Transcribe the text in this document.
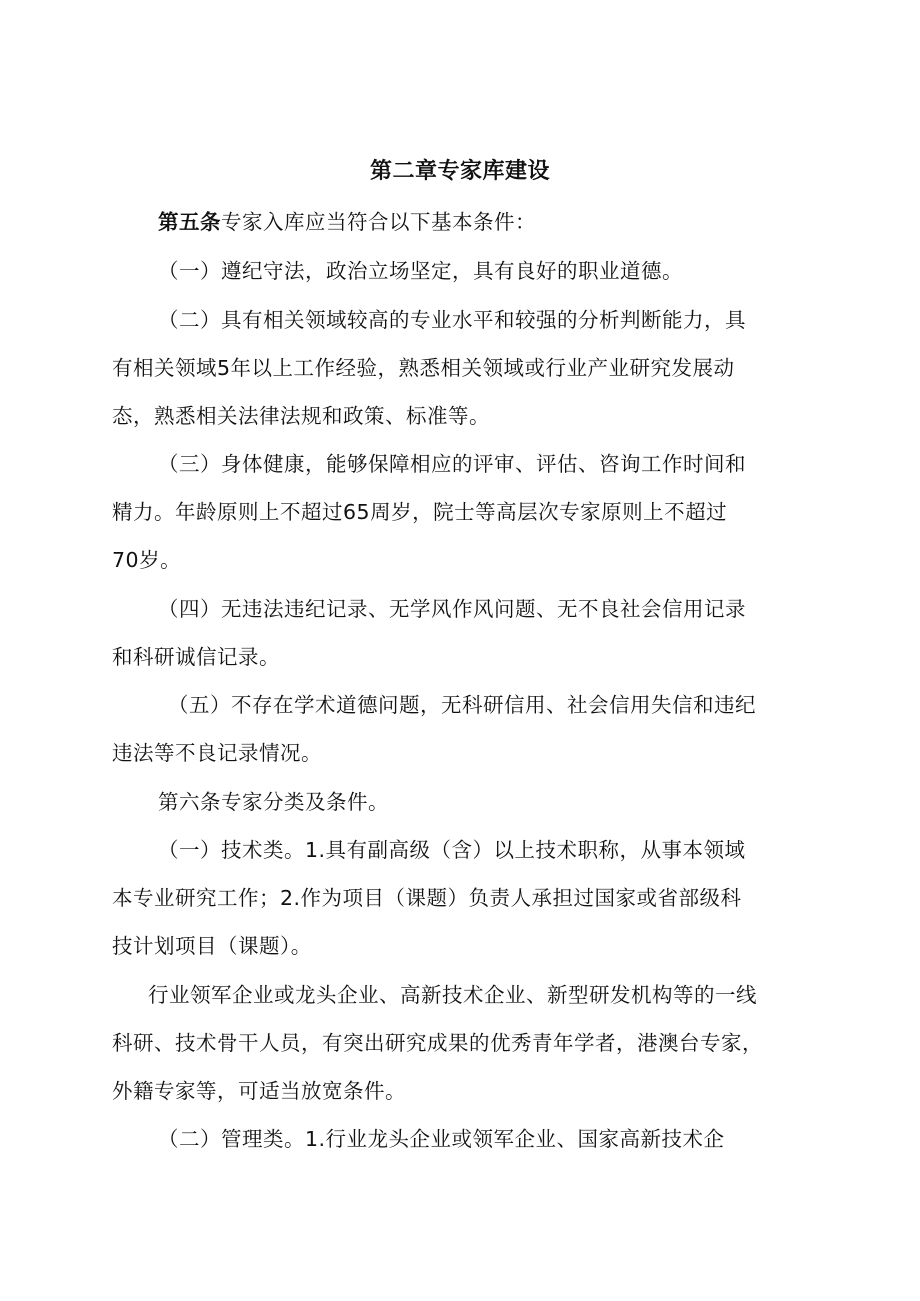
第二章专家库建设
第五条专家入库应当符合以下基本条件：
（一）遵纪守法，政治立场坚定，具有良好的职业道德。
（二）具有相关领域较高的专业水平和较强的分析判断能力，具
有相关领域5年以上工作经验，熟悉相关领域或行业产业研究发展动
态，熟悉相关法律法规和政策、标准等。
（三）身体健康，能够保障相应的评审、评估、咨询工作时间和
精力。年龄原则上不超过65周岁，院士等高层次专家原则上不超过
70岁。
（四）无违法违纪记录、无学风作风问题、无不良社会信用记录
和科研诚信记录。
（五）不存在学术道德问题，无科研信用、社会信用失信和违纪
违法等不良记录情况。
第六条专家分类及条件。
（一）技术类。1.具有副高级（含）以上技术职称，从事本领域
本专业研究工作；2.作为项目（课题）负责人承担过国家或省部级科
技计划项目（课题）。
行业领军企业或龙头企业、高新技术企业、新型研发机构等的一线
科研、技术骨干人员，有突出研究成果的优秀青年学者，港澳台专家，
外籍专家等，可适当放宽条件。
（二）管理类。1.行业龙头企业或领军企业、国家高新技术企
